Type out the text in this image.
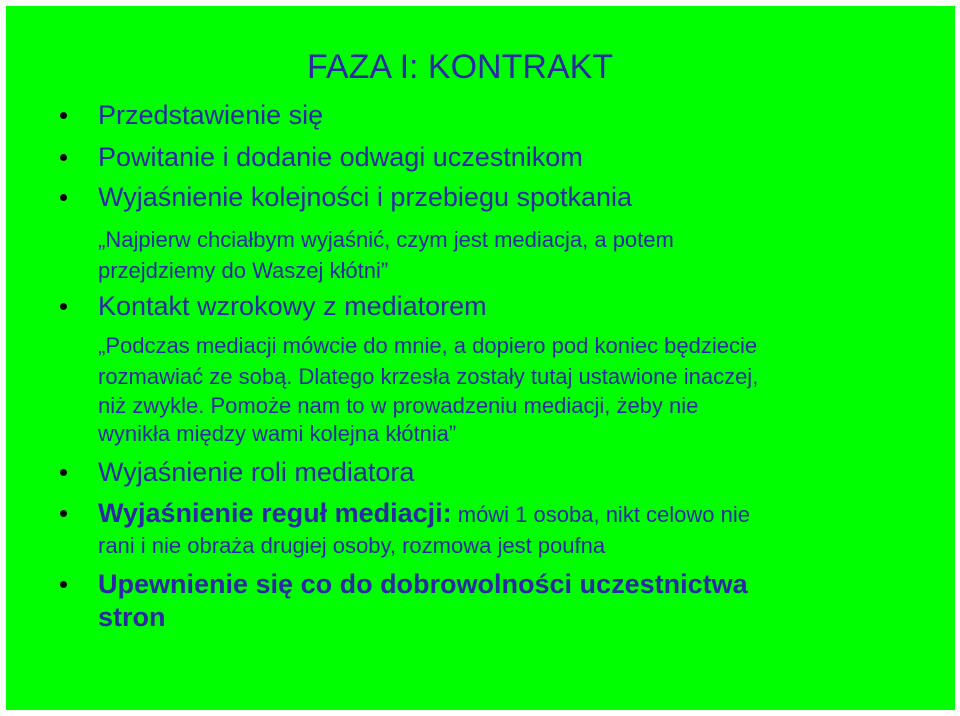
FAZA I: KONTRAKT
Przedstawienie się
Powitanie i dodanie odwagi uczestnikom
Wyjaśnienie kolejności i przebiegu spotkania
„Najpierw chciałbym wyjaśnić, czym jest mediacja, a potem
przejdziemy do Waszej kłótni”
Kontakt wzrokowy z mediatorem
„Podczas mediacji mówcie do mnie, a dopiero pod koniec będziecie
rozmawiać ze sobą. Dlatego krzesła zostały tutaj ustawione inaczej,
niż zwykle. Pomoże nam to w prowadzeniu mediacji, żeby nie
wynikła między wami kolejna kłótnia”
Wyjaśnienie roli mediatora
Wyjaśnienie reguł mediacji: mówi 1 osoba, nikt celowo nie
rani i nie obraża drugiej osoby, rozmowa jest poufna
Upewnienie się co do dobrowolności uczestnictwa
stron
